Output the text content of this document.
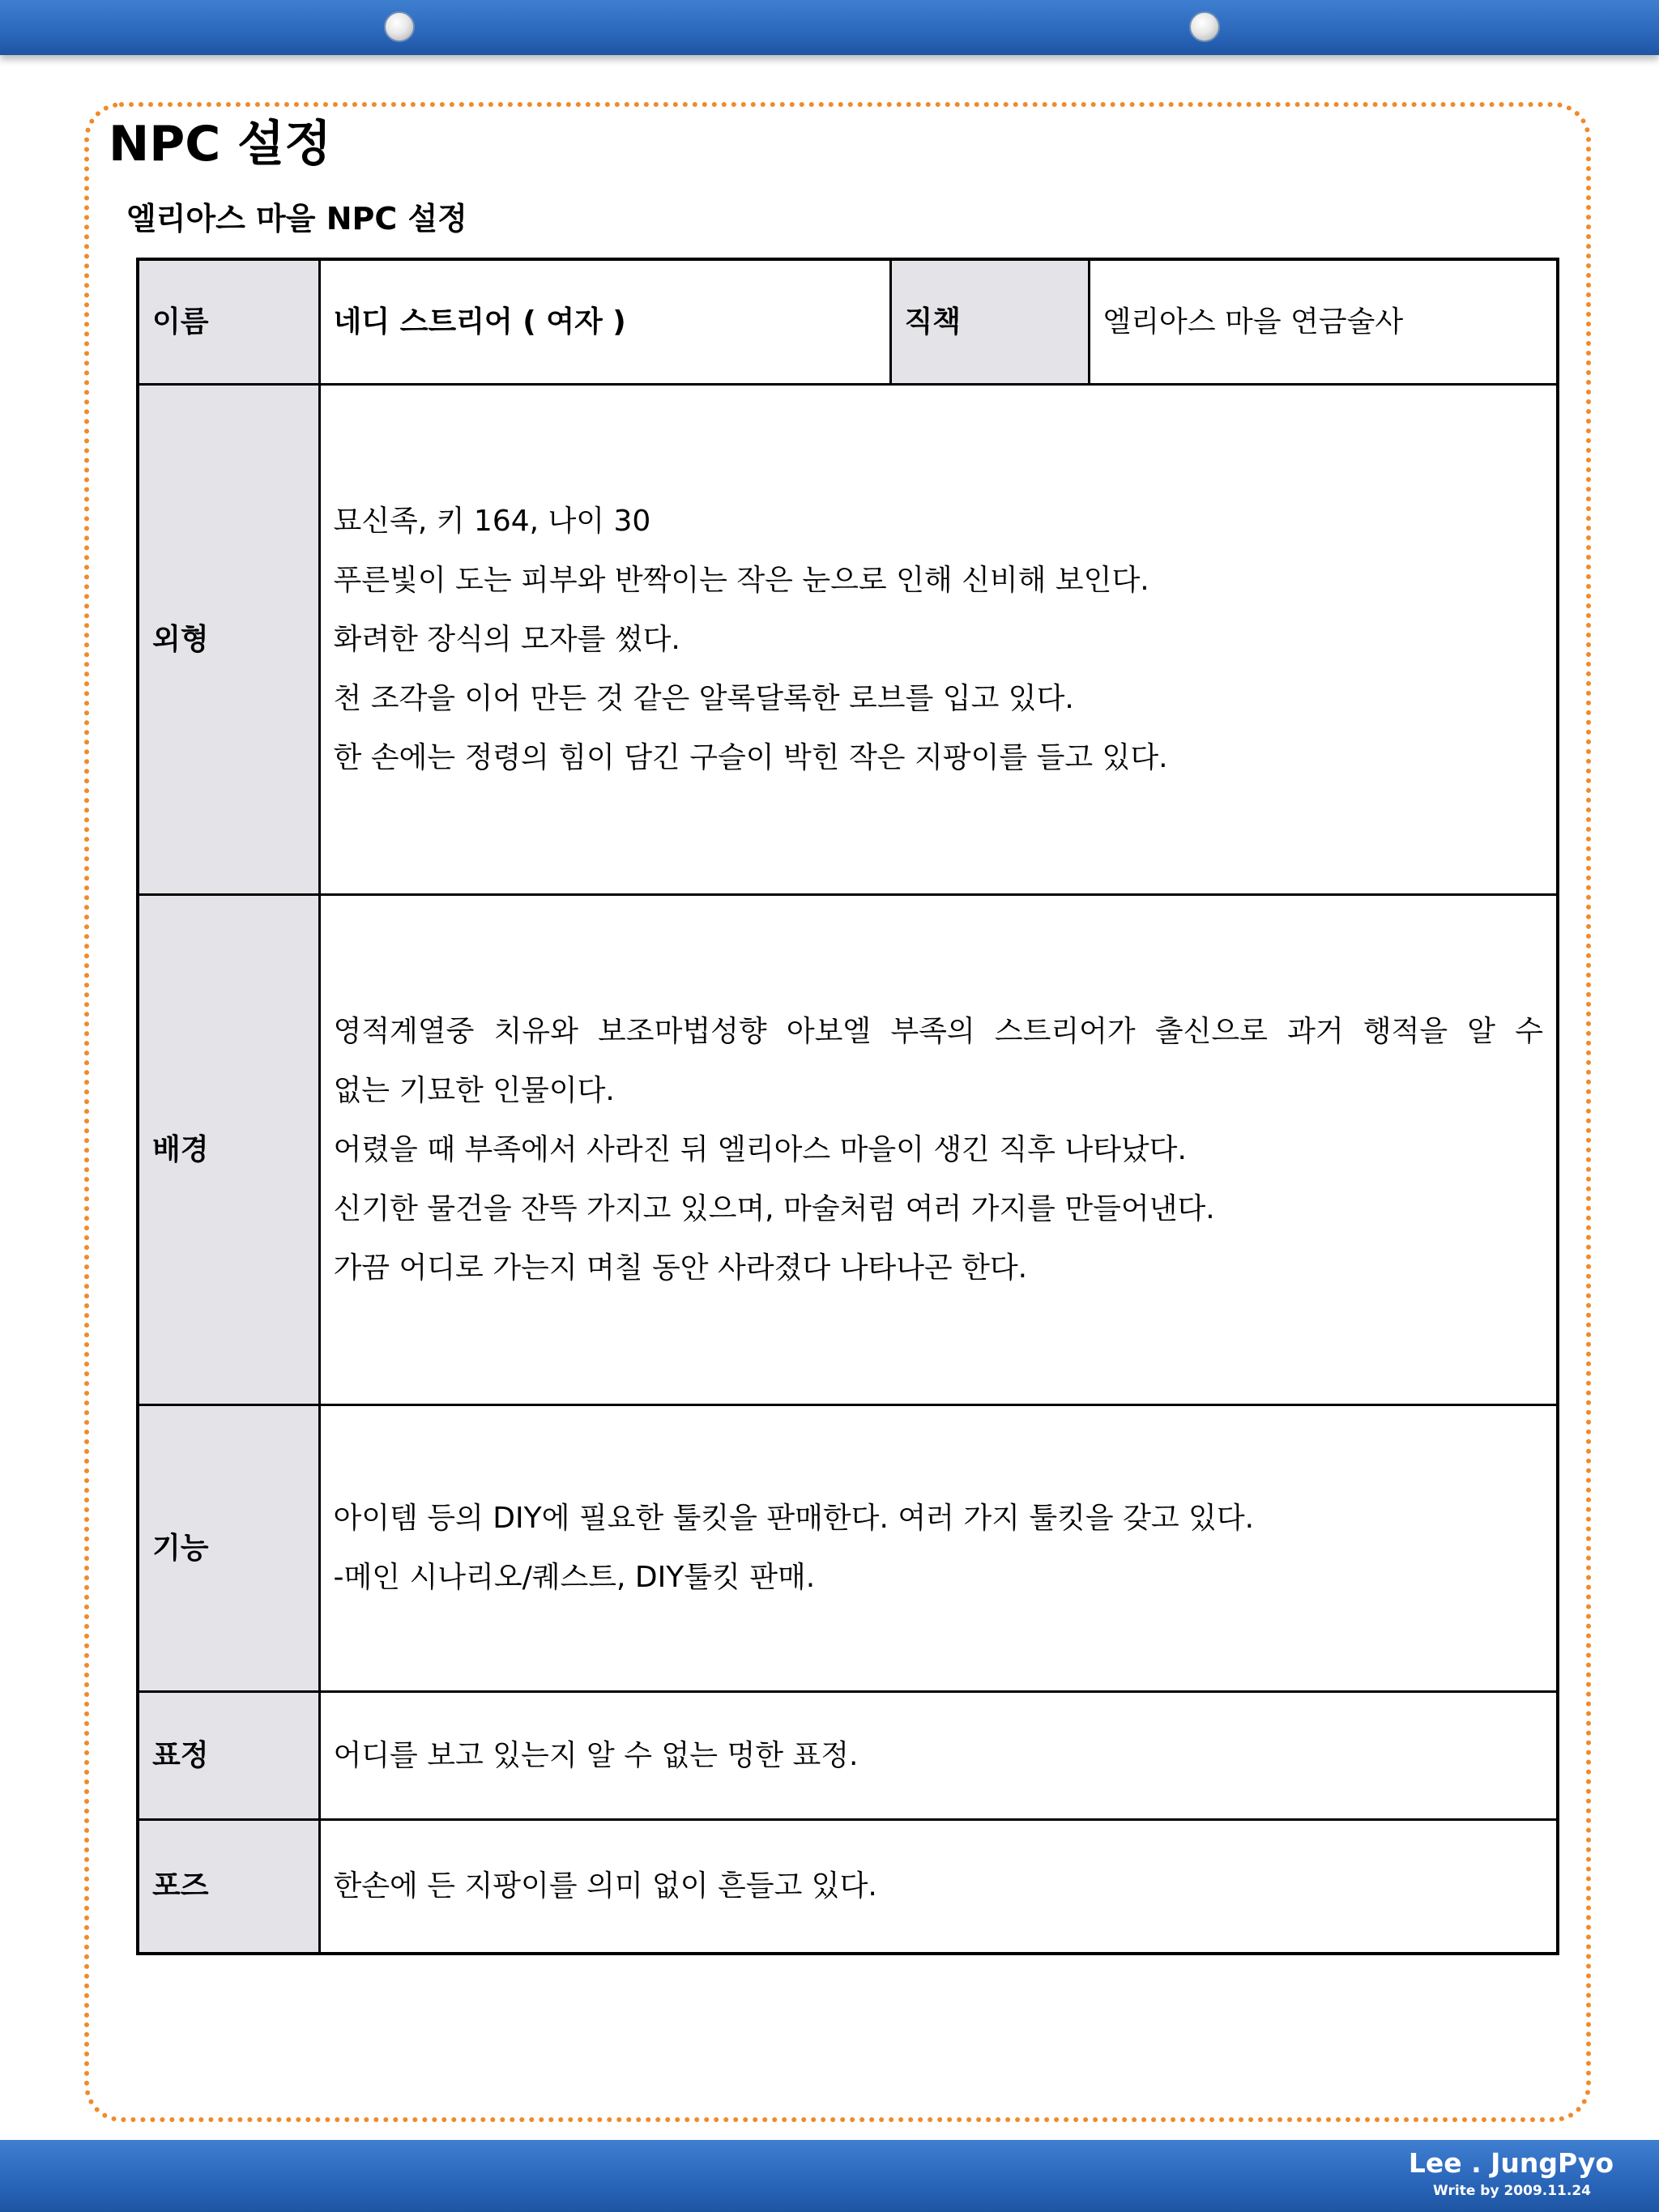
NPC 설정
엘리아스 마을 NPC 설정
이름	네디 스트리어 ( 여자 )	직책	엘리아스 마을 연금술사
외형	묘신족, 키 164, 나이 30
푸른빛이 도는 피부와 반짝이는 작은 눈으로 인해 신비해 보인다.
화려한 장식의 모자를 썼다.
천 조각을 이어 만든 것 같은 알록달록한 로브를 입고 있다.
한 손에는 정령의 힘이 담긴 구슬이 박힌 작은 지팡이를 들고 있다.		

배경	영적계열중 치유와 보조마법성향 아보엘 부족의 스트리어가 출신으로 과거 행적을 알 수
없는 기묘한 인물이다.
어렸을 때 부족에서 사라진 뒤 엘리아스 마을이 생긴 직후 나타났다.
신기한 물건을 잔뜩 가지고 있으며, 마술처럼 여러 가지를 만들어낸다.
가끔 어디로 가는지 며칠 동안 사라졌다 나타나곤 한다.		

기능	아이템 등의 DIY에 필요한 툴킷을 판매한다. 여러 가지 툴킷을 갖고 있다.
-메인 시나리오/퀘스트, DIY툴킷 판매.		

표정	어디를 보고 있는지 알 수 없는 멍한 표정.		
포즈	한손에 든 지팡이를 의미 없이 흔들고 있다.		

Lee . JungPyo

Write by 2009.11.24
